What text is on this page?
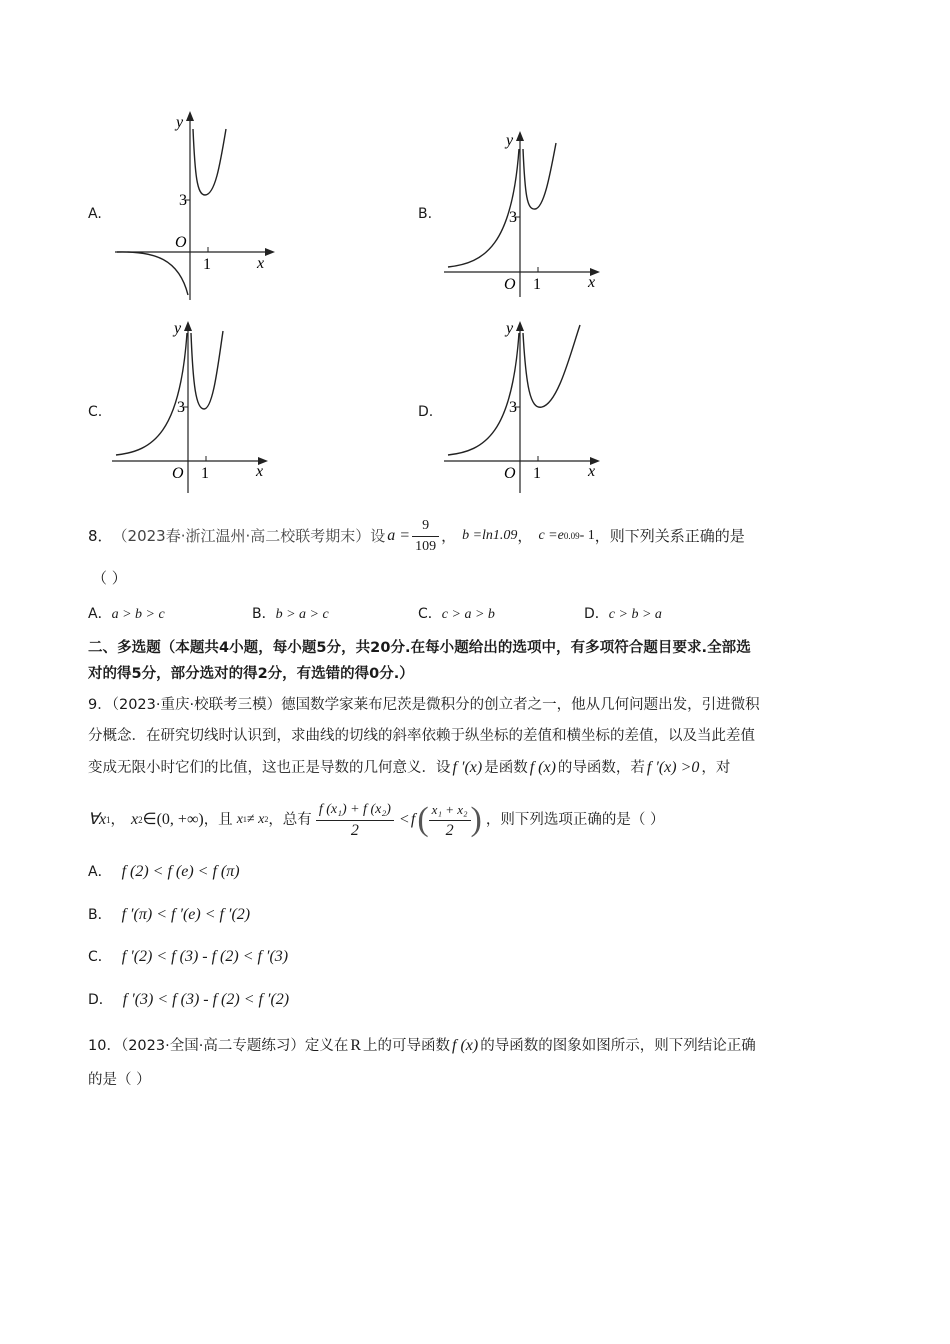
A.
y
x
O
1
3
B.
y
x
O 1
3
C.
y
x
O 1
3	D.
y
x
O 1
3
8． （2023春·浙江温州·高二校联考期末）设 $a = \frac{9}{109}$ ， b =ln1.09 ， c =e 0.09 - 1 ，则下列关系正确的是
（ ）
A．a > b > c	B．b > a > c	C．c > a > b	D．c > b > a
二、多选题（本题共4小题，每小题5分，共20分.在每小题给出的选项中，有多项符合题目要求.全部选
对的得5分，部分选对的得2分，有选错的得0分.）
9．（2023·重庆·校联考三模）德国数学家莱布尼茨是微积分的创立者之一，他从几何问题出发，引进微积
分概念．在研究切线时认识到，求曲线的切线的斜率依赖于纵坐标的差值和横坐标的差值，以及当此差值
变成无限小时它们的比值，这也正是导数的几何意义．设 f ′(x) 是函数 f (x) 的导函数，若 f ′(x) >0 ，对
∀x 1 ， x 2 ∈(0, +∞) ，且 x 1 ≠ x 2 ，总有 $\frac{\text{f (x₁) + f (x₂)}}{2} < f$ ( $\frac{\text{x₁ + x₂}}{2}$ ) ，则下列选项正确的是（ ）
A． f (2) < f (e) < f (π)
B． f ′(π) < f ′(e) < f ′(2)
C． f ′(2) < f (3) - f (2) < f ′(3)
D． f ′(3) < f (3) - f (2) < f ′(2)
10．（2023·全国·高二专题练习）定义在 R 上的可导函数 f (x) 的导函数的图象如图所示，则下列结论正确
的是（ ）
